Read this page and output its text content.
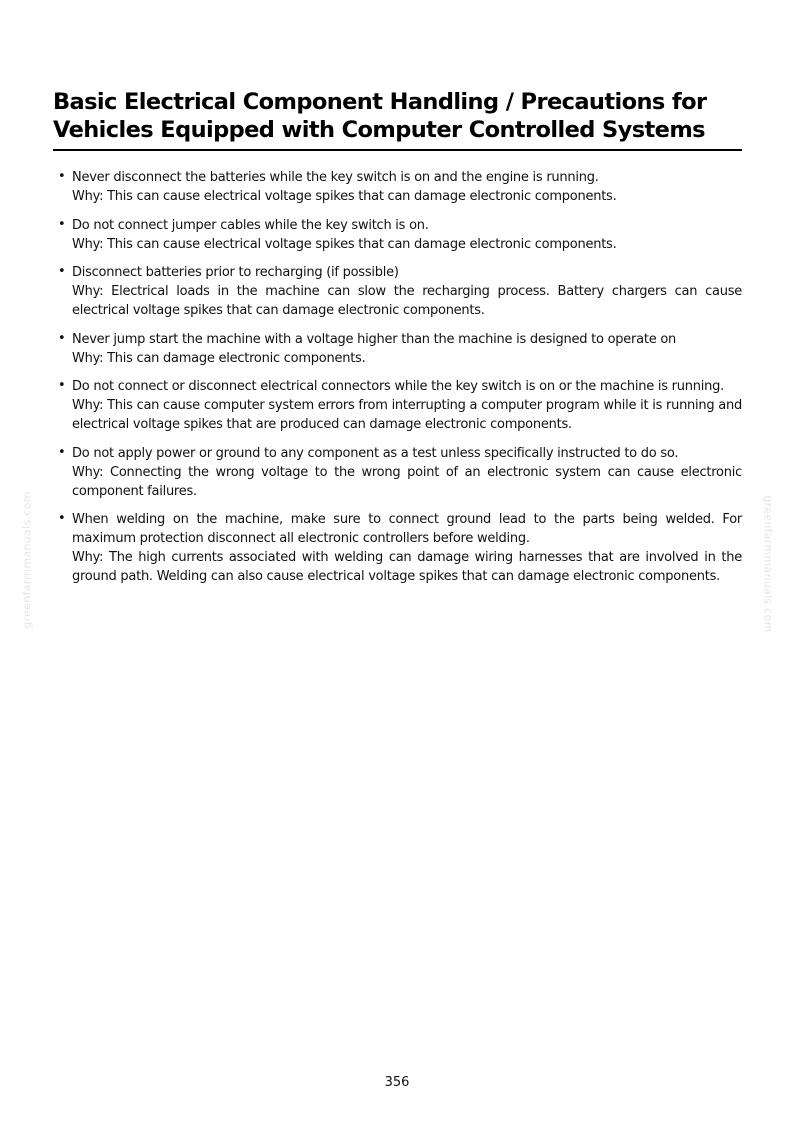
Basic Electrical Component Handling / Precautions for
Vehicles Equipped with Computer Controlled Systems
• Never disconnect the batteries while the key switch is on and the engine is running.
Why: This can cause electrical voltage spikes that can damage electronic components.
• Do not connect jumper cables while the key switch is on.
Why: This can cause electrical voltage spikes that can damage electronic components.
• Disconnect batteries prior to recharging (if possible)
Why: Electrical loads in the machine can slow the recharging process. Battery chargers can cause electrical voltage spikes that can damage electronic components.
• Never jump start the machine with a voltage higher than the machine is designed to operate on
Why: This can damage electronic components.
• Do not connect or disconnect electrical connectors while the key switch is on or the machine is running.
Why: This can cause computer system errors from interrupting a computer program while it is running and electrical voltage spikes that are produced can damage electronic components.
• Do not apply power or ground to any component as a test unless specifically instructed to do so.
Why: Connecting the wrong voltage to the wrong point of an electronic system can cause electronic component failures.
• When welding on the machine, make sure to connect ground lead to the parts being welded. For maximum protection disconnect all electronic controllers before welding.
Why: The high currents associated with welding can damage wiring harnesses that are involved in the ground path. Welding can also cause electrical voltage spikes that can damage electronic components.
greenfarmmanuals.com	greenfarmmanuals.com
356
